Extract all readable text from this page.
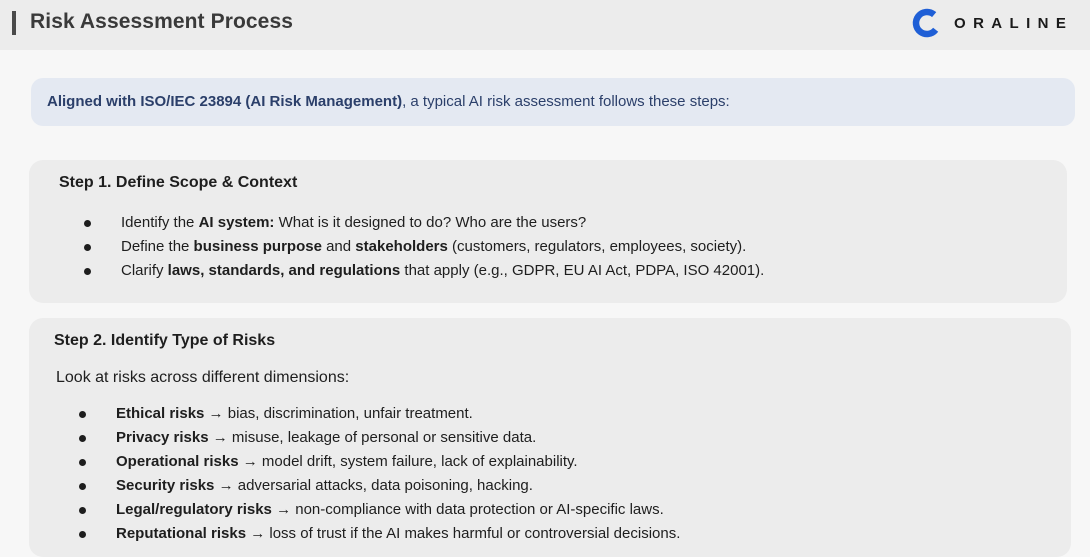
Risk Assessment Process	ORALINE
Aligned with ISO/IEC 23894 (AI Risk Management), a typical AI risk assessment follows these steps:
Step 1. Define Scope & Context
Identify the AI system: What is it designed to do? Who are the users?
Define the business purpose and stakeholders (customers, regulators, employees, society).
Clarify laws, standards, and regulations that apply (e.g., GDPR, EU AI Act, PDPA, ISO 42001).
Step 2. Identify Type of Risks
Look at risks across different dimensions:
Ethical risks → bias, discrimination, unfair treatment.
Privacy risks → misuse, leakage of personal or sensitive data.
Operational risks → model drift, system failure, lack of explainability.
Security risks → adversarial attacks, data poisoning, hacking.
Legal/regulatory risks → non-compliance with data protection or AI-specific laws.
Reputational risks → loss of trust if the AI makes harmful or controversial decisions.
